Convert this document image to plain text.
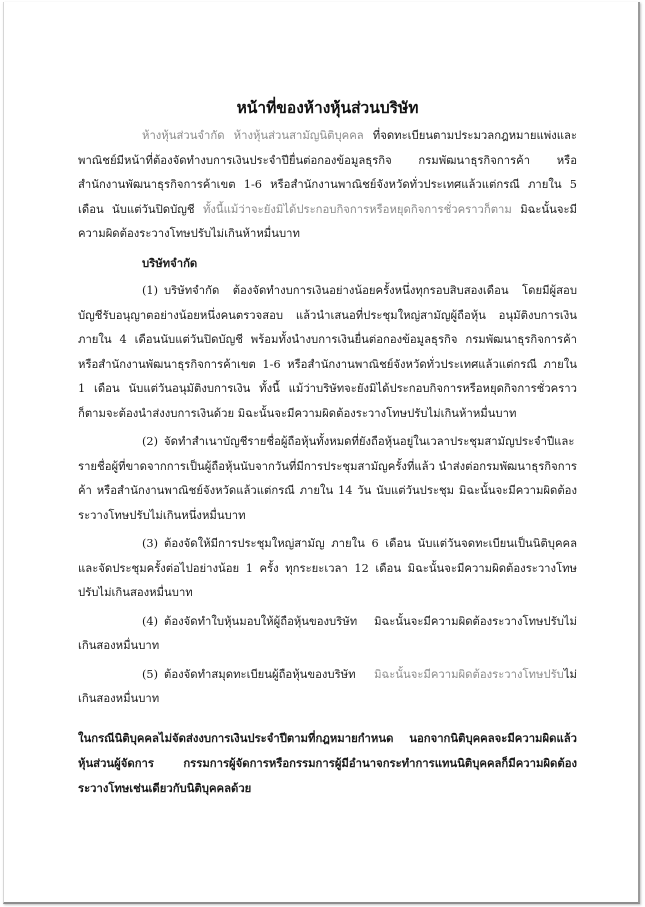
หน้าที่ของห้างหุ้นส่วนบริษัท

ห้างหุ้นส่วนจำกัด ห้างหุ้นส่วนสามัญนิติบุคคล ที่จดทะเบียนตามประมวลกฎหมายแพ่งและพาณิชย์มีหน้าที่ต้องจัดทำงบการเงินประจำปียื่นต่อกองข้อมูลธุรกิจ กรมพัฒนาธุรกิจการค้า หรือสำนักงานพัฒนาธุรกิจการค้าเขต 1-6 หรือสำนักงานพาณิชย์จังหวัดทั่วประเทศแล้วแต่กรณี ภายใน 5 เดือน นับแต่วันปิดบัญชี ทั้งนี้แม้ว่าจะยังมิได้ประกอบกิจการหรือหยุดกิจการชั่วคราวก็ตาม มิฉะนั้นจะมีความผิดต้องระวางโทษปรับไม่เกินห้าหมื่นบาท

บริษัทจำกัด

(1) บริษัทจำกัด ต้องจัดทำงบการเงินอย่างน้อยครั้งหนึ่งทุกรอบสิบสองเดือน โดยมีผู้สอบบัญชีรับอนุญาตอย่างน้อยหนึ่งคนตรวจสอบ แล้วนำเสนอที่ประชุมใหญ่สามัญผู้ถือหุ้น อนุมัติงบการเงินภายใน 4 เดือนนับแต่วันปิดบัญชี พร้อมทั้งนำงบการเงินยื่นต่อกองข้อมูลธุรกิจ กรมพัฒนาธุรกิจการค้า หรือสำนักงานพัฒนาธุรกิจการค้าเขต 1-6 หรือสำนักงานพาณิชย์จังหวัดทั่วประเทศแล้วแต่กรณี ภายใน 1 เดือน นับแต่วันอนุมัติงบการเงิน ทั้งนี้ แม้ว่าบริษัทจะยังมิได้ประกอบกิจการหรือหยุดกิจการชั่วคราวก็ตามจะต้องนำส่งงบการเงินด้วย มิฉะนั้นจะมีความผิดต้องระวางโทษปรับไม่เกินห้าหมื่นบาท

(2) จัดทำสำเนาบัญชีรายชื่อผู้ถือหุ้นทั้งหมดที่ยังถือหุ้นอยู่ในเวลาประชุมสามัญประจำปีและรายชื่อผู้ที่ขาดจากการเป็นผู้ถือหุ้นนับจากวันที่มีการประชุมสามัญครั้งที่แล้ว นำส่งต่อกรมพัฒนาธุรกิจการค้า หรือสำนักงานพาณิชย์จังหวัดแล้วแต่กรณี ภายใน 14 วัน นับแต่วันประชุม มิฉะนั้นจะมีความผิดต้องระวางโทษปรับไม่เกินหนึ่งหมื่นบาท

(3) ต้องจัดให้มีการประชุมใหญ่สามัญ ภายใน 6 เดือน นับแต่วันจดทะเบียนเป็นนิติบุคคล และจัดประชุมครั้งต่อไปอย่างน้อย 1 ครั้ง ทุกระยะเวลา 12 เดือน มิฉะนั้นจะมีความผิดต้องระวางโทษปรับไม่เกินสองหมื่นบาท

(4) ต้องจัดทำใบหุ้นมอบให้ผู้ถือหุ้นของบริษัท มิฉะนั้นจะมีความผิดต้องระวางโทษปรับไม่เกินสองหมื่นบาท

(5) ต้องจัดทำสมุดทะเบียนผู้ถือหุ้นของบริษัท มิฉะนั้นจะมีความผิดต้องระวางโทษปรับไม่เกินสองหมื่นบาท

ในกรณีนิติบุคคลไม่จัดส่งงบการเงินประจำปีตามที่กฎหมายกำหนด นอกจากนิติบุคคลจะมีความผิดแล้ว หุ้นส่วนผู้จัดการ กรรมการผู้จัดการหรือกรรมการผู้มีอำนาจกระทำการแทนนิติบุคคลก็มีความผิดต้องระวางโทษเช่นเดียวกับนิติบุคคลด้วย
